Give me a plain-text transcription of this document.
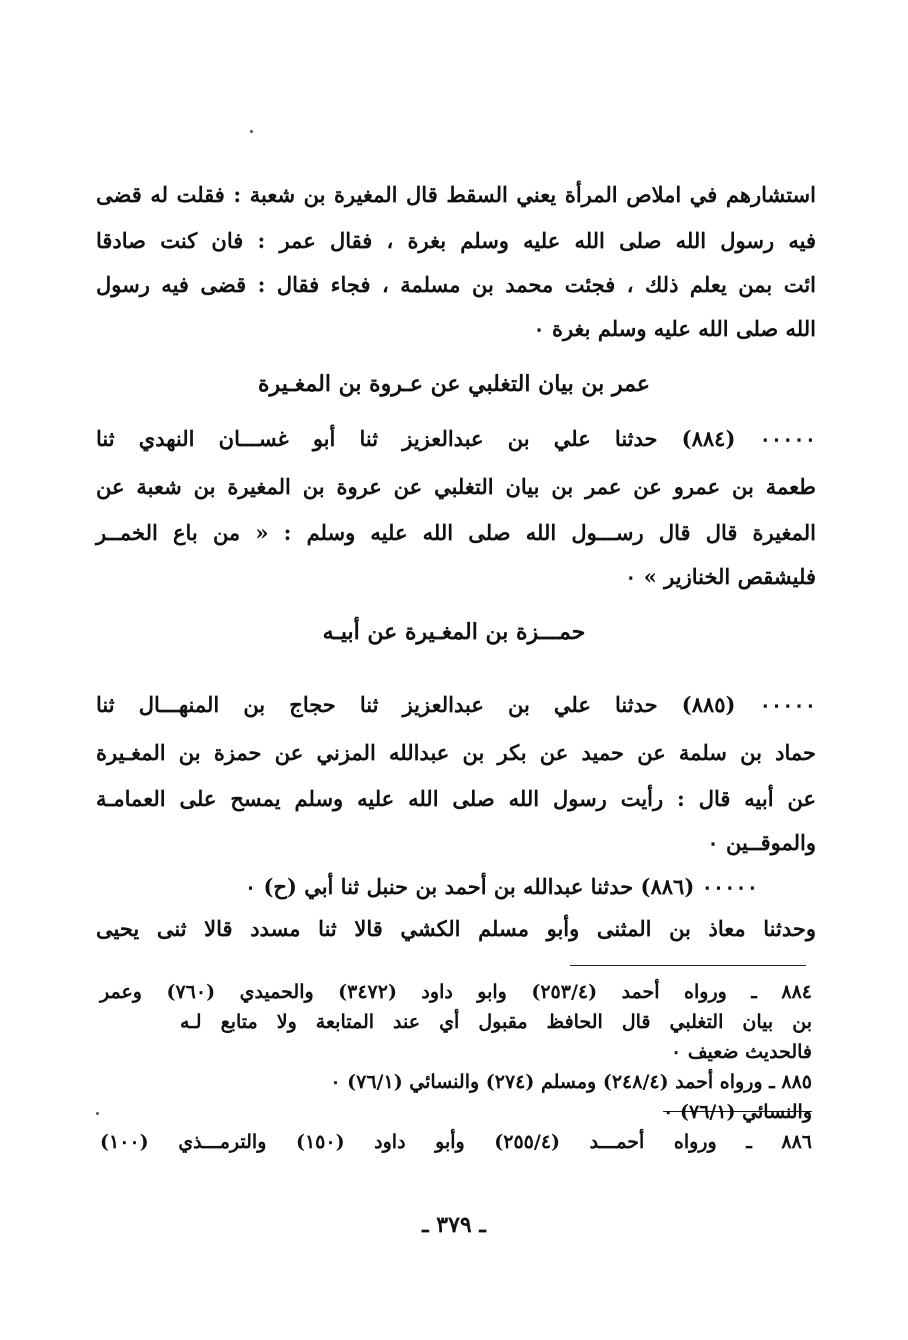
استشارهم في املاص المرأة يعني السقط قال المغيرة بن شعبة : فقلت له قضى
فيه رسول الله صلى الله عليه وسلم بغرة ، فقال عمر : فان كنت صادقا
ائت بمن يعلم ذلك ، فجئت محمد بن مسلمة ، فجاء فقال : قضى فيه رسول
الله صلى الله عليه وسلم بغرة ٠
عمر بن بيان التغلبي عن عـروة بن المغـيرة
٠٠٠٠٠ (٨٨٤) حدثنا علي بن عبدالعزيز ثنا أبو غســـان النهدي ثنا
طعمة بن عمرو عن عمر بن بيان التغلبي عن عروة بن المغيرة بن شعبة عن
المغيرة قال قال رســـول الله صلى الله عليه وسلم : « من باع الخمــر
فليشقص الخنازير » ٠
حمـــزة بن المغـيرة عن أبيـه
٠٠٠٠٠ (٨٨٥) حدثنا علي بن عبدالعزيز ثنا حجاج بن المنهـــال ثنا
حماد بن سلمة عن حميد عن بكر بن عبدالله المزني عن حمزة بن المغـيرة
عن أبيه قال : رأيت رسول الله صلى الله عليه وسلم يمسح على العمامـة
والموقــين ٠
٠٠٠٠٠ (٨٨٦) حدثنا عبدالله بن أحمد بن حنبل ثنا أبي (ح) ٠
وحدثنا معاذ بن المثنى وأبو مسلم الكشي قالا ثنا مسدد قالا ثنى يحيى
٨٨٤ ـ ورواه أحمد (٢٥٣/٤) وابو داود (٣٤٧٢) والحميدي (٧٦٠) وعمر
بن بيان التغلبي قال الحافظ مقبول أي عند المتابعة ولا متابع لـه
فالحديث ضعيف ٠
٨٨٥ ـ ورواه أحمد (٢٤٨/٤) ومسلم (٢٧٤) والنسائي (٧٦/١) ٠
والنسائي (٧٦/١) ٠
٨٨٦ ـ ورواه أحمـــد (٢٥٥/٤) وأبو داود (١٥٠) والترمـــذي (١٠٠)
ـ ٣٧٩ ـ
